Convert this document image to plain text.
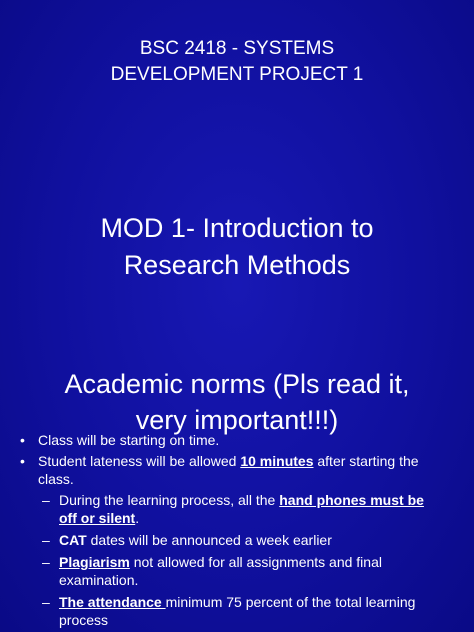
BSC 2418 - SYSTEMS
DEVELOPMENT PROJECT 1
MOD 1- Introduction to
Research Methods
Academic norms (Pls read it,
very important!!!)
• Class will be starting on time.
• Student lateness will be allowed 10 minutes after starting the class.
– During the learning process, all the hand phones must be off or silent.
– CAT dates will be announced a week earlier
– Plagiarism not allowed for all assignments and final examination.
– The attendance minimum 75 percent of the total learning process
